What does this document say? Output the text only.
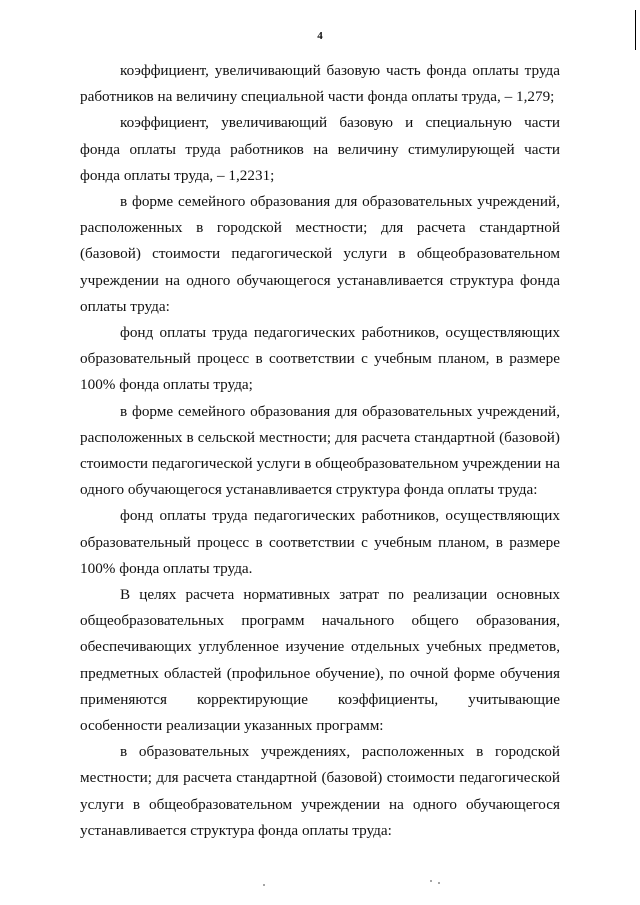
4

коэффициент, увеличивающий базовую часть фонда оплаты труда работников на величину специальной части фонда оплаты труда, – 1,279;

коэффициент, увеличивающий базовую и специальную части фонда оплаты труда работников на величину стимулирующей части фонда оплаты труда, – 1,2231;

в форме семейного образования для образовательных учреждений, расположенных в городской местности; для расчета стандартной (базовой) стоимости педагогической услуги в общеобразовательном учреждении на одного обучающегося устанавливается структура фонда оплаты труда:

фонд оплаты труда педагогических работников, осуществляющих образовательный процесс в соответствии с учебным планом, в размере 100% фонда оплаты труда;

в форме семейного образования для образовательных учреждений, расположенных в сельской местности; для расчета стандартной (базовой) стоимости педагогической услуги в общеобразовательном учреждении на одного обучающегося устанавливается структура фонда оплаты труда:

фонд оплаты труда педагогических работников, осуществляющих образовательный процесс в соответствии с учебным планом, в размере 100% фонда оплаты труда.

В целях расчета нормативных затрат по реализации основных общеобразовательных программ начального общего образования, обеспечивающих углубленное изучение отдельных учебных предметов, предметных областей (профильное обучение), по очной форме обучения применяются корректирующие коэффициенты, учитывающие особенности реализации указанных программ:

в образовательных учреждениях, расположенных в городской местности; для расчета стандартной (базовой) стоимости педагогической услуги в общеобразовательном учреждении на одного обучающегося устанавливается структура фонда оплаты труда:
